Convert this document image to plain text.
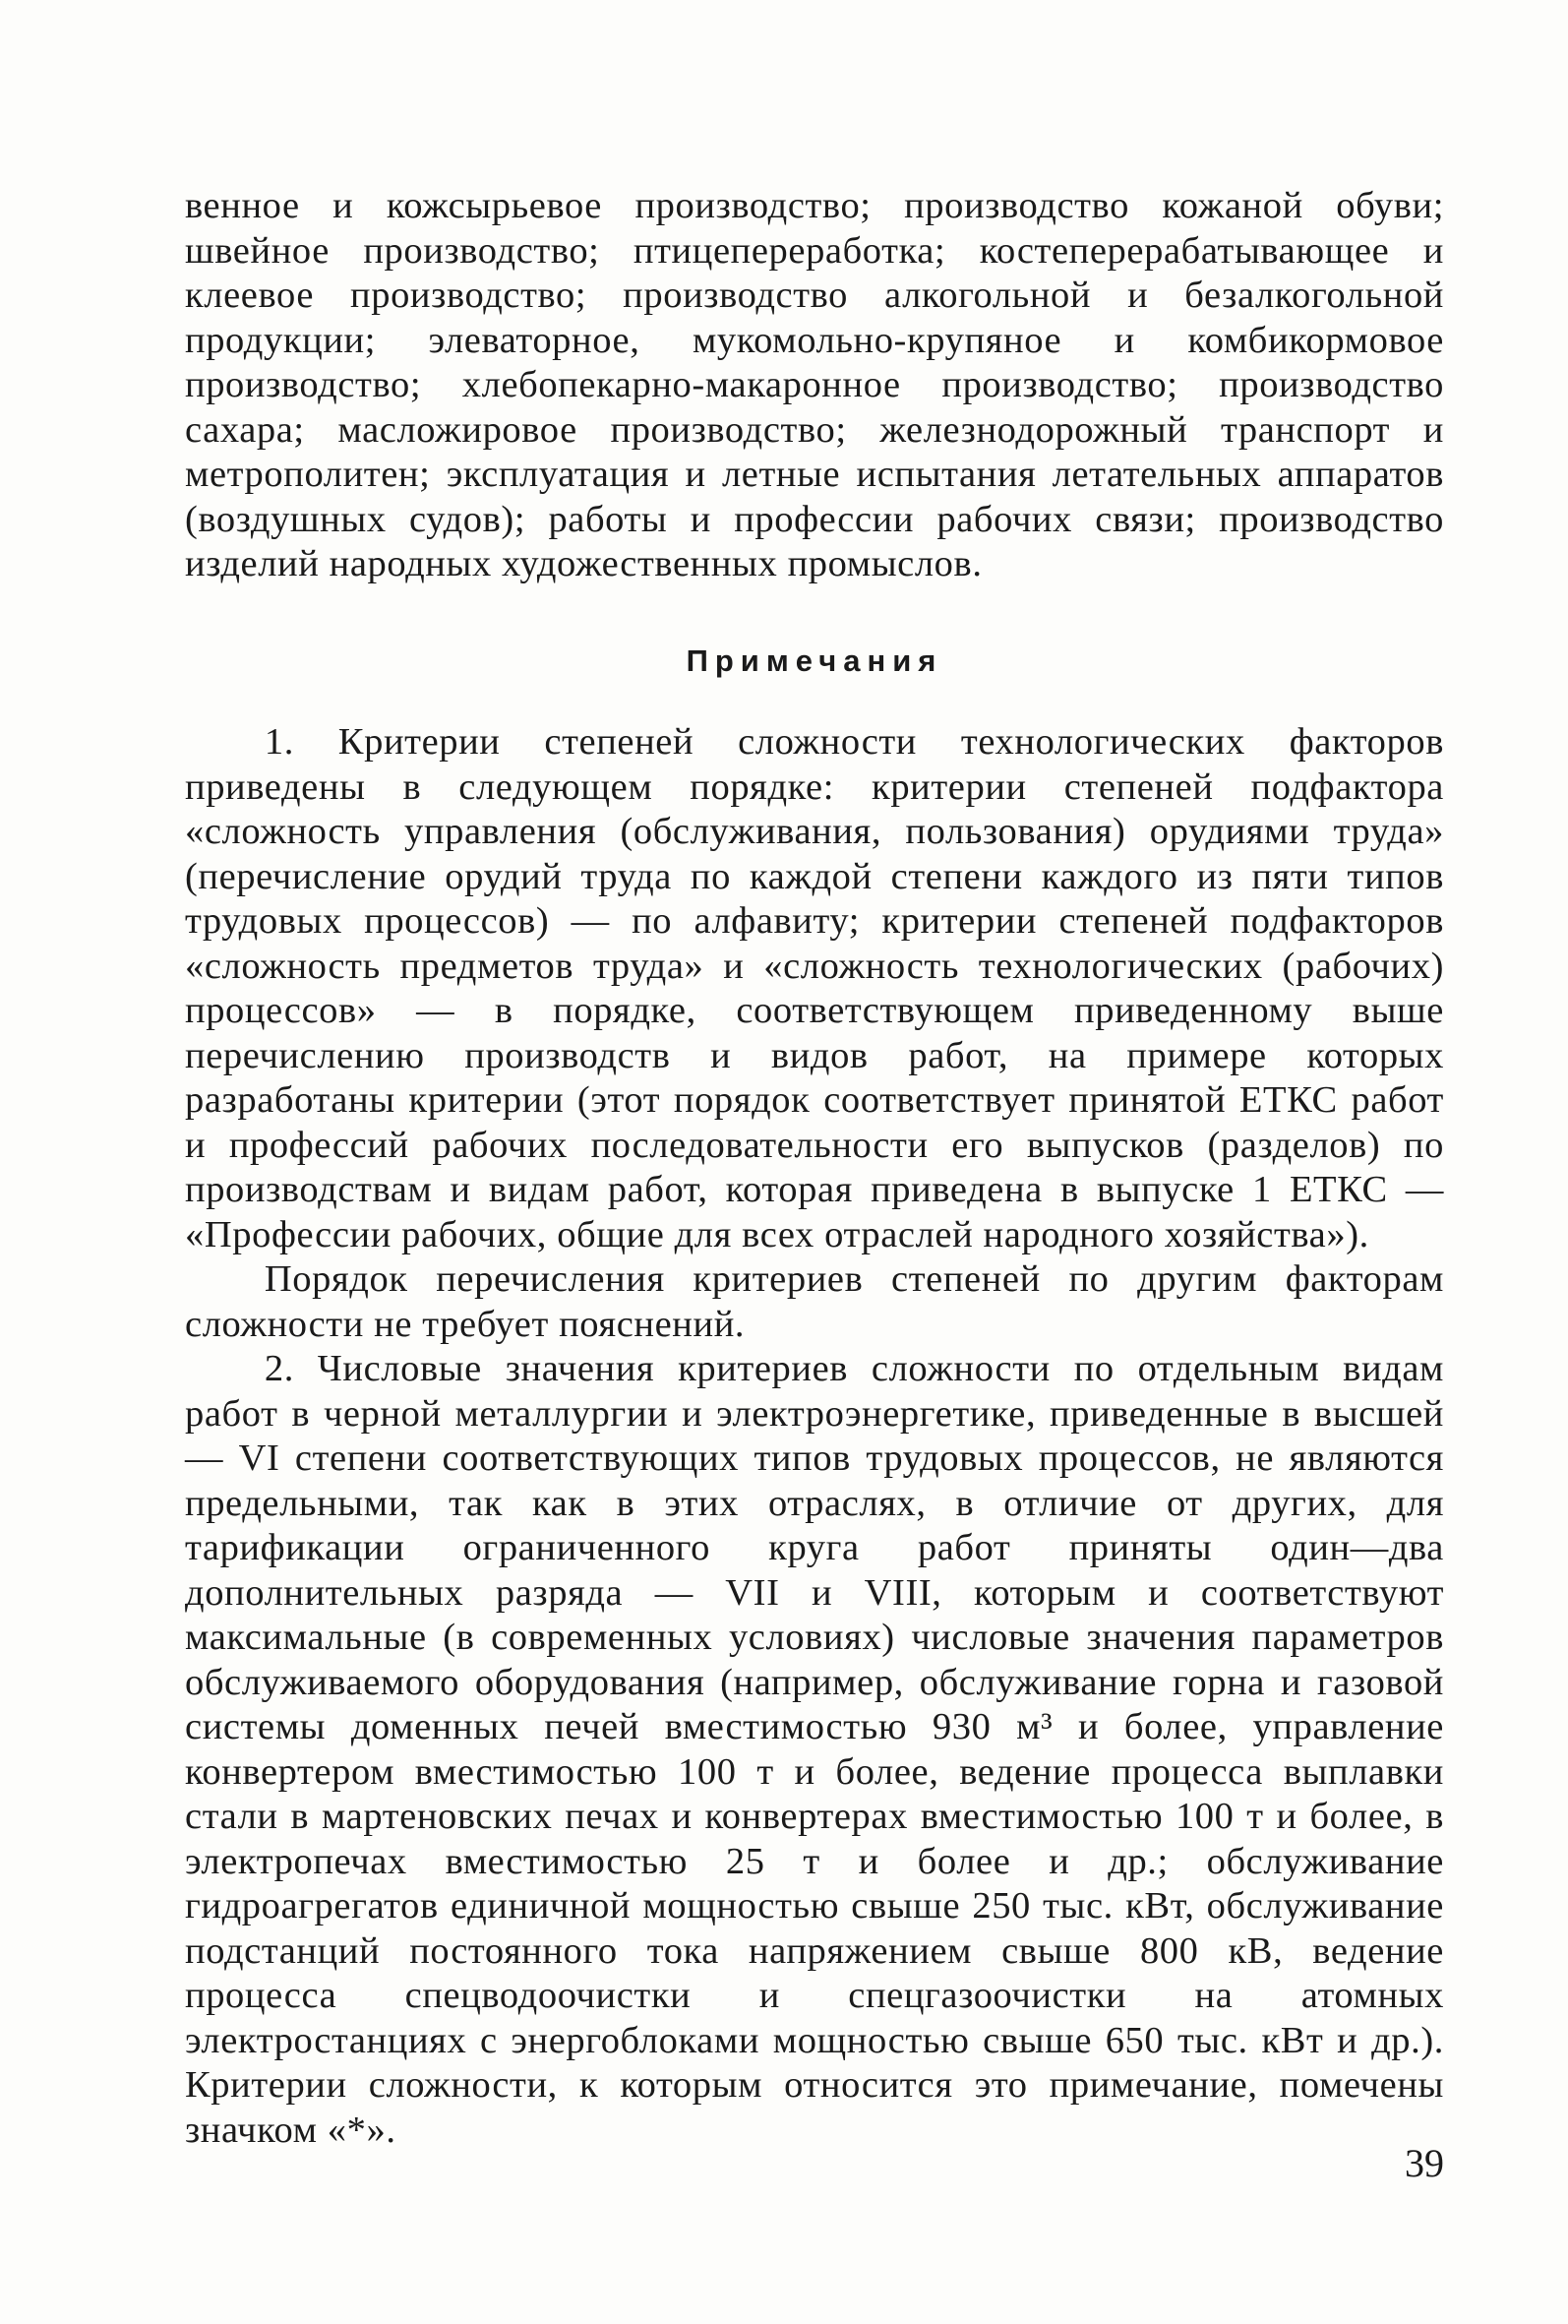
венное и кожсырьевое производство; производство кожаной обуви; швейное производство; птицепереработка; костеперерабатывающее и клеевое производство; производство алкогольной и безалкогольной продукции; элеваторное, мукомольно-крупяное и комбикормовое производство; хлебопекарно-макаронное производство; производство сахара; масложировое производство; железнодорожный транспорт и метрополитен; эксплуатация и летные испытания летательных аппаратов (воздушных судов); работы и профессии рабочих связи; производство изделий народных художественных промыслов.

Примечания

1. Критерии степеней сложности технологических факторов приведены в следующем порядке: критерии степеней подфактора «сложность управления (обслуживания, пользования) орудиями труда» (перечисление орудий труда по каждой степени каждого из пяти типов трудовых процессов) — по алфавиту; критерии степеней подфакторов «сложность предметов труда» и «сложность технологических (рабочих) процессов» — в порядке, соответствующем приведенному выше перечислению производств и видов работ, на примере которых разработаны критерии (этот порядок соответствует принятой ЕТКС работ и профессий рабочих последовательности его выпусков (разделов) по производствам и видам работ, которая приведена в выпуске 1 ЕТКС — «Профессии рабочих, общие для всех отраслей народного хозяйства»).

Порядок перечисления критериев степеней по другим факторам сложности не требует пояснений.

2. Числовые значения критериев сложности по отдельным видам работ в черной металлургии и электроэнергетике, приведенные в высшей — VI степени соответствующих типов трудовых процессов, не являются предельными, так как в этих отраслях, в отличие от других, для тарификации ограниченного круга работ приняты один—два дополнительных разряда — VII и VIII, которым и соответствуют максимальные (в современных условиях) числовые значения параметров обслуживаемого оборудования (например, обслуживание горна и газовой системы доменных печей вместимостью 930 м³ и более, управление конвертером вместимостью 100 т и более, ведение процесса выплавки стали в мартеновских печах и конвертерах вместимостью 100 т и более, в электропечах вместимостью 25 т и более и др.; обслуживание гидроагрегатов единичной мощностью свыше 250 тыс. кВт, обслуживание подстанций постоянного тока напряжением свыше 800 кВ, ведение процесса спецводоочистки и спецгазоочистки на атомных электростанциях с энергоблоками мощностью свыше 650 тыс. кВт и др.). Критерии сложности, к которым относится это примечание, помечены значком «*».

39
